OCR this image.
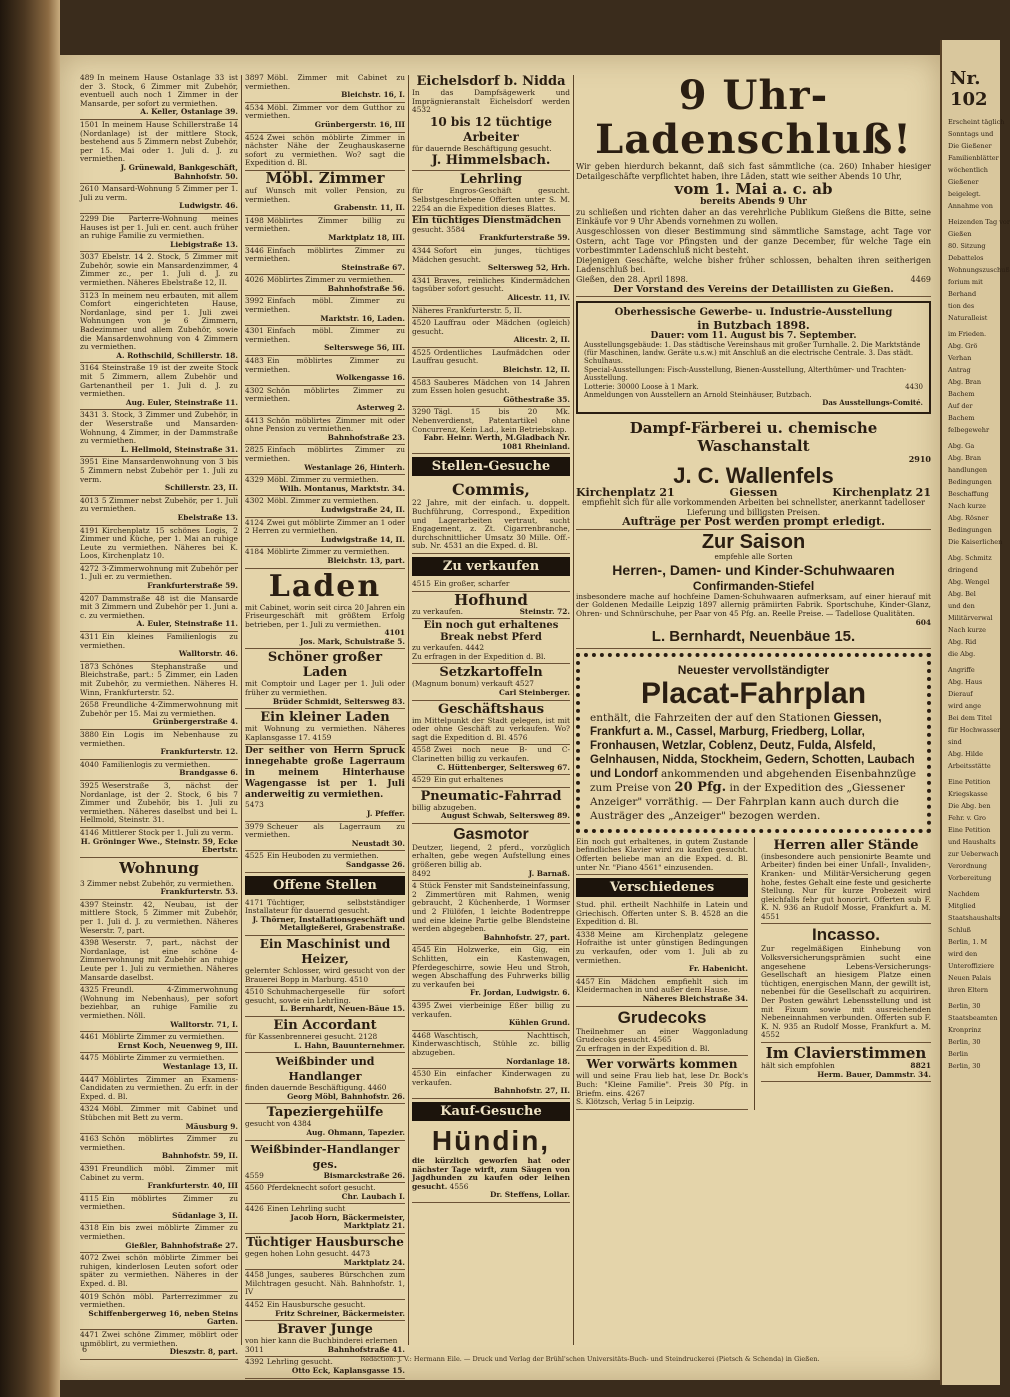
489 In meinem Hause Ostanlage 33 ist der 3. Stock, 6 Zimmer mit Zubehör, eventuell auch noch 1 Zimmer in der Mansarde, per sofort zu vermiethen.
A. Keller, Ostanlage 39.
1501 In meinem Hause Schillerstraße 14 (Nordanlage) ist der mittlere Stock, bestehend aus 5 Zimmern nebst Zubehör, per 15. Mai oder 1. Juli d. J. zu vermiethen.
J. Grünewald, Bankgeschäft, Bahnhofstr. 50.
2610 Mansard-Wohnung 5 Zimmer per 1. Juli zu verm.
Ludwigstr. 46.
2299 Die Parterre-Wohnung meines Hauses ist per 1. Juli er. cent. auch früher an ruhige Familie zu vermiethen.
Liebigstraße 13.
3037 Ebelstr. 14 2. Stock, 5 Zimmer mit Zubehör, sowie ein Mansardenzimmer, 4 Zimmer zc., per 1. Juli d. J. zu vermiethen. Näheres Ebelstraße 12, II.
3123 In meinem neu erbauten, mit allem Comfort eingerichteten Hause, Nordanlage, sind per 1. Juli zwei Wohnungen von je 6 Zimmern, Badezimmer und allem Zubehör, sowie die Mansardenwohnung von 4 Zimmern zu vermiethen.
A. Rothschild, Schillerstr. 18.
3164 Steinstraße 19 ist der zweite Stock mit 5 Zimmern, allem Zubehör und Gartenantheil per 1. Juli d. J. zu vermiethen.
Aug. Euler, Steinstraße 11.
3431 3. Stock, 3 Zimmer und Zubehör, in der Weserstraße und Mansarden-Wohnung, 4 Zimmer, in der Dammstraße zu vermiethen.
L. Hellmold, Steinstraße 31.
3951 Eine Mansardenwohnung von 3 bis 5 Zimmern nebst Zubehör per 1. Juli zu verm.
Schillerstr. 23, II.
4013 5 Zimmer nebst Zubehör, per 1. Juli zu vermiethen.
Ebelstraße 13.
4191 Kirchenplatz 15 schönes Logis, 2 Zimmer und Küche, per 1. Mai an ruhige Leute zu vermiethen. Näheres bei K. Loos, Kirchenplatz 10.
4272 3-Zimmerwohnung mit Zubehör per 1. Juli er. zu vermiethen.
Frankfurterstraße 59.
4207 Dammstraße 48 ist die Mansarde mit 3 Zimmern und Zubehör per 1. Juni a. c. zu vermiethen.
A. Euler, Steinstraße 11.
4311 Ein kleines Familienlogis zu vermiethen.
Walltorstr. 46.
1873 Schönes Stephanstraße und Bleichstraße, part.: 5 Zimmer, ein Laden mit Zubehör, zu vermiethen. Näheres H. Winn, Frankfurterstr. 52.
2658 Freundliche 4-Zimmerwohnung mit Zubehör per 15. Mai zu vermiethen.
Grünbergerstraße 4.
3880 Ein Logis im Nebenhause zu vermiethen.
Frankfurterstr. 12.
4040 Familienlogis zu vermiethen.
Brandgasse 6.
3925 Weserstraße 3, nächst der Nordanlage, ist der 2. Stock, 6 bis 7 Zimmer und Zubehör, bis 1. Juli zu vermiethen. Näheres daselbst und bei L. Hellmold, Steinstr. 31.
4146 Mittlerer Stock per 1. Juli zu verm.
H. Gröninger Wwe., Steinstr. 59, Ecke Ebertstr.
Wohnung
3 Zimmer nebst Zubehör, zu vermiethen.
Frankfurterstr. 53.
4397 Steinstr. 42, Neubau, ist der mittlere Stock, 5 Zimmer mit Zubehör, per 1. Juli d. J. zu vermiethen. Näheres Weserstr. 7, part.
4398 Weserstr. 7, part., nächst der Nordanlage, ist eine schöne 4-Zimmerwohnung mit Zubehör an ruhige Leute per 1. Juli zu vermiethen. Näheres Mansarde daselbst.
4325 Freundl. 4-Zimmerwohnung (Wohnung im Nebenhaus), per sofort beziehbar, an ruhige Familie zu vermiethen. Nöll.
Walltorstr. 71, I.
4461 Möblirte Zimmer zu vermiethen.
Ernst Koch, Neuenweg 9, III.
4475 Möblirte Zimmer zu vermiethen.
Westanlage 13, II.
4447 Möblirtes Zimmer an Examens-Candidaten zu vermiethen. Zu erfr. in der Exped. d. Bl.
4324 Möbl. Zimmer mit Cabinet und Stübchen mit Bett zu verm.
Mäusburg 9.
4163 Schön möblirtes Zimmer zu vermiethen.
Bahnhofstr. 59, II.
4391 Freundlich möbl. Zimmer mit Cabinet zu verm.
Frankfurterstr. 40, III
4115 Ein möblirtes Zimmer zu vermiethen.
Südanlage 3, II.
4318 Ein bis zwei möblirte Zimmer zu vermiethen.
Gießler, Bahnhofstraße 27.
4072 Zwei schön möblirte Zimmer bei ruhigen, kinderlosen Leuten sofort oder später zu vermiethen. Näheres in der Exped. d. Bl.
4019 Schön möbl. Parterrezimmer zu vermiethen.
Schiffenbergerweg 16, neben Steins Garten.
4471 Zwei schöne Zimmer, möblirt oder unmöblirt, zu vermiethen.
Dieszstr. 8, part.
3897 Möbl. Zimmer mit Cabinet zu vermiethen.
Bleichstr. 16, I.
4534 Möbl. Zimmer vor dem Gutthor zu vermiethen.
Grünbergerstr. 16, III
4524 Zwei schön möblirte Zimmer in nächster Nähe der Zeughauskaserne sofort zu vermiethen. Wo? sagt die Expedition d. Bl.
Möbl. Zimmer
auf Wunsch mit voller Pension, zu vermiethen.
Grabenstr. 11, II.
1498 Möblirtes Zimmer billig zu vermiethen.
Marktplatz 18, III.
3446 Einfach möblirtes Zimmer zu vermiethen.
Steinstraße 67.
4026 Möblirtes Zimmer zu vermiethen.
Bahnhofstraße 56.
3992 Einfach möbl. Zimmer zu vermiethen.
Marktstr. 16, Laden.
4301 Einfach möbl. Zimmer zu vermiethen.
Selterswege 56, III.
4483 Ein möblirtes Zimmer zu vermiethen.
Wolkengasse 16.
4302 Schön möblirtes Zimmer zu vermiethen.
Asterweg 2.
4413 Schön möblirtes Zimmer mit oder ohne Pension zu vermiethen.
Bahnhofstraße 23.
2825 Einfach möblirtes Zimmer zu vermiethen.
Westanlage 26, Hinterh.
4329 Möbl. Zimmer zu vermiethen.
Wilh. Montanus, Marktstr. 34.
4302 Möbl. Zimmer zu vermiethen.
Ludwigstraße 24, II.
4124 Zwei gut möblirte Zimmer an 1 oder 2 Herren zu vermiethen.
Ludwigstraße 14, II.
4184 Möblirte Zimmer zu vermiethen.
Bleichstr. 13, part.
Laden
mit Cabinet, worin seit circa 20 Jahren ein Friseurgeschäft mit größtem Erfolg betrieben, per 1. Juli zu vermiethen.
4101
Jos. Mark, Schulstraße 5.
Schöner großer Laden
mit Comptoir und Lager per 1. Juli oder früher zu vermiethen.
Brüder Schmidt, Seltersweg 83.
Ein kleiner Laden
mit Wohnung zu vermiethen. Näheres Kaplansgasse 17. 4159
Der seither von Herrn Spruck innegehabte große Lagerraum in meinem Hinterhause Wagengasse ist per 1. Juli anderweitig zu vermiethen.
5473
J. Pfeffer.
3979 Scheuer als Lagerraum zu vermiethen.
Neustadt 30.
4525 Ein Heuboden zu vermiethen.
Sandgasse 26.
Offene Stellen
4171 Tüchtiger, selbstständiger Installateur für dauernd gesucht.
J. Thörner, Installationsgeschäft und Metallgießerei, Grabenstraße.
Ein Maschinist und Heizer,
gelernter Schlosser, wird gesucht von der Brauerei Bopp in Marburg. 4510
4510 Schuhmachergeselle für sofort gesucht, sowie ein Lehrling.
L. Bernhardt, Neuen-Bäue 15.
Ein Accordant
für Kassenbrennerei gesucht. 2128
L. Hahn, Bauunternehmer.
Weißbinder und Handlanger
finden dauernde Beschäftigung. 4460
Georg Möbl, Bahnhofstr. 26.
Tapeziergehülfe
gesucht von 4384
Aug. Ohmann, Tapezier.
Weißbinder-Handlanger ges.
4559	Bismarckstraße 26.
4560 Pferdeknecht sofort gesucht.
Chr. Laubach I.
4426 Einen Lehrling sucht
Jacob Horn, Bäckermeister, Marktplatz 21.
Tüchtiger Hausbursche
gegen hohen Lohn gesucht. 4473
Marktplatz 24.
4458 Junges, sauberes Bürschchen zum Milchtragen gesucht. Näh. Bahnhofstr. 1, IV
4452 Ein Hausbursche gesucht.
Fritz Schreiner, Bäckermeister.
Braver Junge
von hier kann die Buchbinderei erlernen
3011	Bahnhofstraße 41.
4392 Lehrling gesucht.
Otto Eck, Kaplansgasse 15.
Eichelsdorf b. Nidda
In das Dampfsägewerk und Imprägnieranstalt Eichelsdorf werden 4532
10 bis 12 tüchtige Arbeiter
für dauernde Beschäftigung gesucht.
J. Himmelsbach.
Lehrling
für Engros-Geschäft gesucht. Selbstgeschriebene Offerten unter S. M. 2254 an die Expedition dieses Blattes.
Ein tüchtiges Dienstmädchen
gesucht. 3584
Frankfurterstraße 59.
4344 Sofort ein junges, tüchtiges Mädchen gesucht.
Seltersweg 52, Hrh.
4341 Braves, reinliches Kindermädchen tagsüber sofort gesucht.
Alicestr. 11, IV.
Näheres Frankfurterstr. 5, II.
4520 Lauffrau oder Mädchen (ogleich) gesucht.
Alicestr. 2, II.
4525 Ordentliches Laufmädchen oder Lauffrau gesucht.
Bleichstr. 12, II.
4583 Sauberes Mädchen von 14 Jahren zum Essen holen gesucht.
Göthestraße 35.
3290 Tägl. 15 bis 20 Mk. Nebenverdienst, Patentartikel ohne Concurrenz, Kein Lad., kein Betriebskap.
Fabr. Heinr. Werth, M.Gladbach Nr. 1081 Rheinland.
Stellen-Gesuche
Commis,
22 Jahre, mit der einfach. u. doppelt. Buchführung, Correspond., Expedition und Lagerarbeiten vertraut, sucht Engagement, z. Zt. Cigarrenbranche, durchschnittlicher Umsatz 30 Mille. Off.-sub. Nr. 4531 an die Exped. d. Bl.
Zu verkaufen
4515 Ein großer, scharfer
Hofhund
zu verkaufen.	Steinstr. 72.
Ein noch gut erhaltenes Break nebst Pferd
zu verkaufen. 4442
Zu erfragen in der Expedition d. Bl.
Setzkartoffeln
(Magnum bonum) verkauft 4527
Carl Steinberger.
Geschäftshaus
im Mittelpunkt der Stadt gelegen, ist mit oder ohne Geschäft zu verkaufen. Wo? sagt die Expedition d. Bl. 4576
4558 Zwei noch neue B- und C-Clarinetten billig zu verkaufen.
C. Hüttenberger, Seltersweg 67.
4529 Ein gut erhaltenes
Pneumatic-Fahrrad
billig abzugeben.
August Schwab, Seltersweg 89.
Gasmotor
Deutzer, liegend, 2 pferd., vorzüglich erhalten, gebe wegen Aufstellung eines größeren billig ab.
8492	J. Barnaß.
4 Stück Fenster mit Sandsteineinfassung, 2 Zimmertüren mit Rahmen, wenig gebraucht, 2 Küchenherde, 1 Wormser und 2 Flülöfen, 1 leichte Bodentreppe und eine kleine Partie gelbe Blendsteine werden abgegeben.
Bahnhofstr. 27, part.
4545 Ein Holzwerke, ein Gig, ein Schlitten, ein Kastenwagen, Pferdegeschirre, sowie Heu und Stroh, wegen Abschaffung des Fuhrwerks billig zu verkaufen bei
Fr. Jordan, Ludwigstr. 6.
4395 Zwei vierbeinige Eßer billig zu verkaufen.
Kühlen Grund.
4468 Waschtisch, Nachttisch, Kinderwaschtisch, Stühle zc. billig abzugeben.
Nordanlage 18.
4530 Ein einfacher Kinderwagen zu verkaufen.
Bahnhofstr. 27, II.
Kauf-Gesuche
Hündin,
die kürzlich geworfen hat oder nächster Tage wirft, zum Säugen von Jagdhunden zu kaufen oder leihen gesucht. 4556
Dr. Steffens, Lollar.
9 Uhr-Ladenschluß!
Wir geben hierdurch bekannt, daß sich fast sämmtliche (ca. 260) Inhaber hiesiger Detailgeschäfte verpflichtet haben, ihre Läden, statt wie seither Abends 10 Uhr,
vom 1. Mai a. c. ab
bereits Abends 9 Uhr
zu schließen und richten daher an das verehrliche Publikum Gießens die Bitte, seine Einkäufe vor 9 Uhr Abends vornehmen zu wollen.
Ausgeschlossen von dieser Bestimmung sind sämmtliche Samstage, acht Tage vor Ostern, acht Tage vor Pfingsten und der ganze December, für welche Tage ein vorbestimmter Ladenschluß nicht besteht.
Diejenigen Geschäfte, welche bisher früher schlossen, behalten ihren seitherigen Ladenschluß bei.
Gießen, den 28. April 1898.	4469
Der Vorstand des Vereins der Detaillisten zu Gießen.
Oberhessische Gewerbe- u. Industrie-Ausstellung
in Butzbach 1898.
Dauer: vom 11. August bis 7. September.
Ausstellungsgebäude: 1. Das städtische Vereinshaus mit großer Turnhalle. 2. Die Marktstände (für Maschinen, landw. Geräte u.s.w.) mit Anschluß an die electrische Centrale. 3. Das städt. Schulhaus.
Special-Ausstellungen: Fisch-Ausstellung, Bienen-Ausstellung, Alterthümer- und Trachten-Ausstellung.
Lotterie: 30000 Loose à 1 Mark.	4430
Anmeldungen von Ausstellern an Arnold Steinhäuser, Butzbach.
Das Ausstellungs-Comité.
Dampf-Färberei u. chemische Waschanstalt
2910
J. C. Wallenfels
Kirchenplatz 21	Giessen	Kirchenplatz 21
empfiehlt sich für alle vorkommenden Arbeiten bei schnellster, anerkannt tadelloser Lieferung und billigsten Preisen.
Aufträge per Post werden prompt erledigt.
Zur Saison
empfehle alle Sorten
Herren-, Damen- und Kinder-Schuhwaaren
Confirmanden-Stiefel
insbesondere mache auf hochfeine Damen-Schuhwaaren aufmerksam, auf einer hierauf mit der Goldenen Medaille Leipzig 1897 allernig prämiirten Fabrik. Sportschuhe, Kinder-Glanz, Ohren- und Schnürschuhe, per Paar von 45 Pfg. an. Reelle Preise. — Tadellose Qualitäten.
604
L. Bernhardt, Neuenbäue 15.
Neuester vervollständigter
Placat-Fahrplan
enthält, die Fahrzeiten der auf den Stationen Giessen, Frankfurt a. M., Cassel, Marburg, Friedberg, Lollar, Fronhausen, Wetzlar, Coblenz, Deutz, Fulda, Alsfeld, Gelnhausen, Nidda, Stockheim, Gedern, Schotten, Laubach und Londorf ankommenden und abgehenden Eisenbahnzüge zum Preise von 20 Pfg. in der Expedition des „Giessener Anzeiger" vorräthig. — Der Fahrplan kann auch durch die Austräger des „Anzeiger" bezogen werden.
Ein noch gut erhaltenes, in gutem Zustande befindliches Klavier wird zu kaufen gesucht. Offerten beliebe man an die Exped. d. Bl. unter Nr. "Piano 4561" einzusenden.
Verschiedenes
Stud. phil. ertheilt Nachhilfe in Latein und Griechisch. Offerten unter S. B. 4528 an die Expedition d. Bl.
4338 Meine am Kirchenplatz gelegene Hofraithe ist unter günstigen Bedingungen zu verkaufen, oder vom 1. Juli ab zu vermiethen.
Fr. Habenicht.
4457 Ein Mädchen empfiehlt sich im Kleidermachen in und außer dem Hause.
Näheres Bleichstraße 34.
Grudecoks
Theilnehmer an einer Waggonladung Grudecoks gesucht. 4565
Zu erfragen in der Expedition d. Bl.
Wer vorwärts kommen
will und seine Frau lieb hat, lese Dr. Bock's Buch: "Kleine Familie". Preis 30 Pfg. in Briefm. eins. 4267
S. Klötzsch, Verlag 5 in Leipzig.
Herren aller Stände
(insbesondere auch pensionirte Beamte und Arbeiter) finden bei einer Unfall-, Invaliden-, Kranken- und Militär-Versicherung gegen hohe, festes Gehalt eine feste und gesicherte Stellung. Nur für kurze Probezeit wird gleichfalls fehr gut honorirt. Offerten sub F. K. N. 936 an Rudolf Mosse, Frankfurt a. M. 4551
Incasso.
Zur regelmäßigen Einhebung von Volksversicherungsprämien sucht eine angesehene Lebens-Versicherungs-Gesellschaft an hiesigem Platze einen tüchtigen, energischen Mann, der gewillt ist, nebenbei für die Gesellschaft zu acquiriren. Der Posten gewährt Lebensstellung und ist mit Fixum sowie mit ausreichenden Nebeneinnahmen verbunden. Offerten sub F. K. N. 935 an Rudolf Mosse, Frankfurt a. M. 4552
Im Clavierstimmen
hält sich empfohlen	8821
Herm. Bauer, Dammstr. 34.
6
Redaction: J. V.: Hermann Eile. — Druck und Verlag der Brühl'schen Universitäts-Buch- und Steindruckerei (Pietsch & Schenda) in Gießen.
Nr. 102
Erscheint täglich
Sonntags und
Die Gießener
Familienblätter
wöchentlich
Gießener
beigelegt.
Annahme von
Heizenden Tag vor
Gießen
80. Sitzung
Debattelos
Wohnungszuschuß
forium mit
Berhand
tion des
Naturalleist
im Frieden.
Abg. Grö
Verhan
Antrag
Abg. Bran
Bachem
Auf der
Bachem
felbegewehr
Abg. Ga
Abg. Bran
handlungen
Bedingungen
Beschaffung
Nach kurze
Abg. Rösner
Bedingungen
Die Kaiserlichen
Abg. Schmitz
dringend
Abg. Wengel
Abg. Bel
und den
Militärverwal
Nach kurze
Abg. Rid
die Abg.
Angriffe
Abg. Haus
Dierauf
wird ange
Bei dem Titel
für Hochwasser
sind
Abg. Hilde
Arbeitsstätte
Eine Petition
Kriegskasse
Die Abg. ben
Fehr. v. Gro
Eine Petition
und Haushalts
zur Ueberwach
Verordnung
Vorbereitung
Nachdem
Mitglied
Staatshaushalts
Schluß
Berlin, 1. M
wird den
Unteroffiziere
Neuen Palais
ihren Eltern
Berlin, 30
Staatsbeamten
Kronprinz
Berlin, 30
Berlin
Berlin, 30
